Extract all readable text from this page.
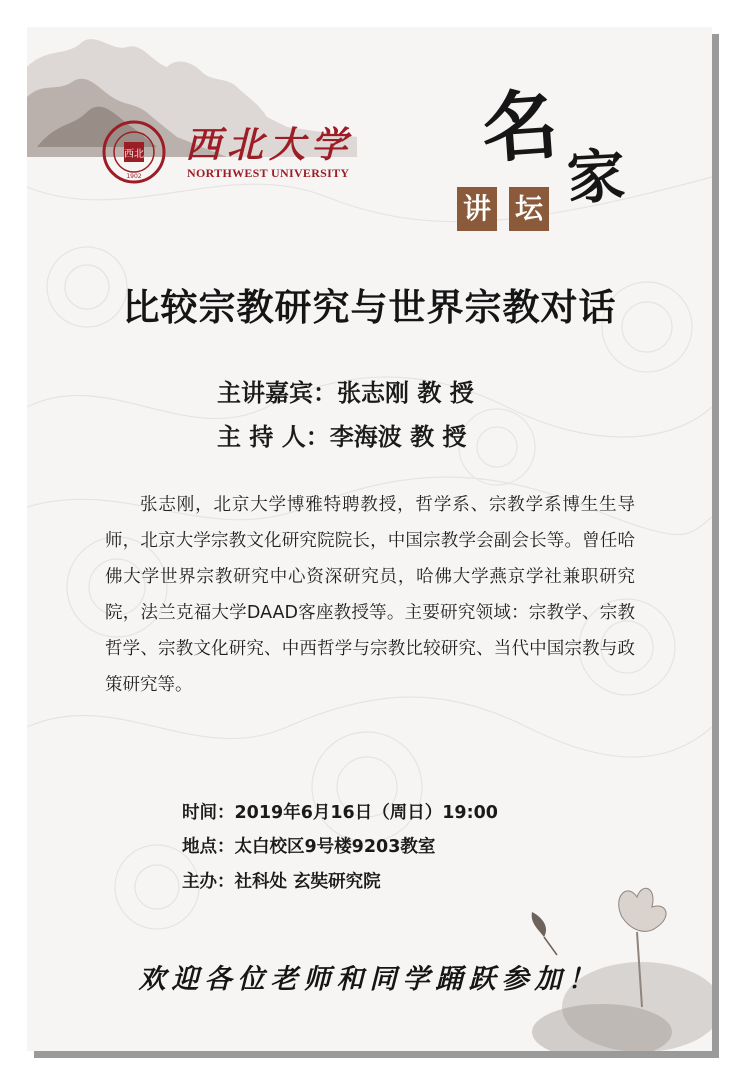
西北
1902
西北大学
NORTHWEST UNIVERSITY	名
家
讲 坛
比较宗教研究与世界宗教对话
主讲嘉宾：张志刚 教 授
主 持 人：李海波 教 授

张志刚，北京大学博雅特聘教授，哲学系、宗教学系博生生导师，北京大学宗教文化研究院院长，中国宗教学会副会长等。曾任哈佛大学世界宗教研究中心资深研究员，哈佛大学燕京学社兼职研究院，法兰克福大学DAAD客座教授等。主要研究领域：宗教学、宗教哲学、宗教文化研究、中西哲学与宗教比较研究、当代中国宗教与政策研究等。

时间：2019年6月16日（周日）19:00
地点：太白校区9号楼9203教室
主办：社科处 玄奘研究院
欢迎各位老师和同学踊跃参加！
